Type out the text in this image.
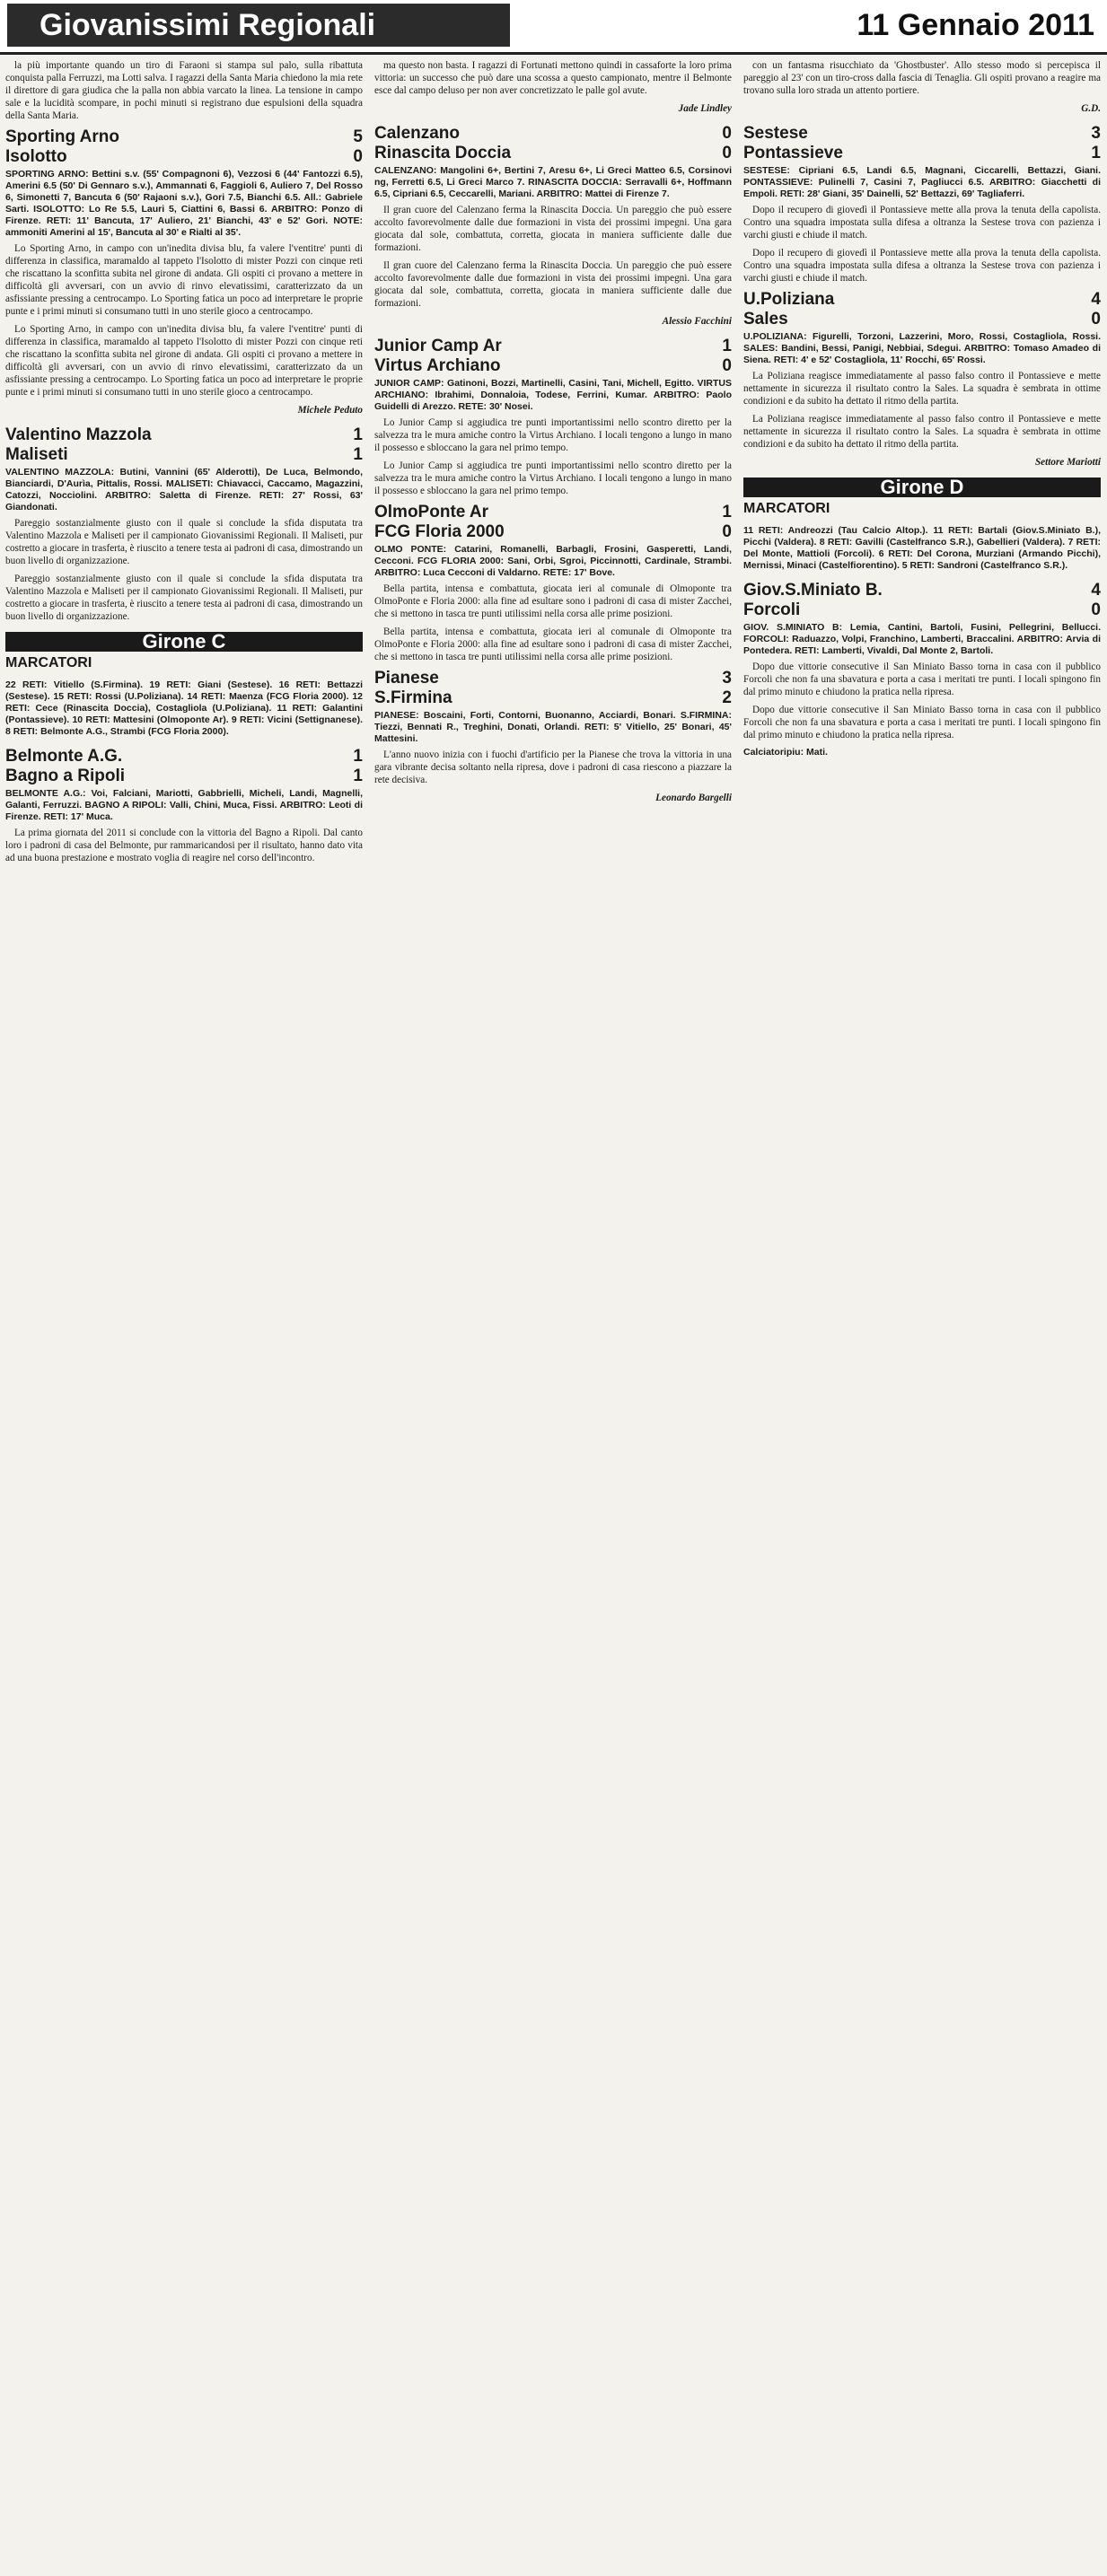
Giovanissimi Regionali	11 Gennaio 2011

la più importante quando un tiro di Faraoni si stampa sul palo, sulla ribattuta conquista palla Ferruzzi, ma Lotti salva. I ragazzi della Santa Maria chiedono la mia rete il direttore di gara giudica che la palla non abbia varcato la linea. La tensione in campo sale e la lucidità scompare, in pochi minuti si registrano due espulsioni della squadra della Santa Maria.

Sporting Arno	5
Isolotto	0

SPORTING ARNO: Bettini s.v. (55' Compagnoni 6), Vezzosi 6 (44' Fantozzi 6.5), Amerini 6.5 (50' Di Gennaro s.v.), Ammannati 6, Faggioli 6, Auliero 7, Del Rosso 6, Simonetti 7, Bancuta 6 (50' Rajaoni s.v.), Gori 7.5, Bianchi 6.5. All.: Gabriele Sarti. ISOLOTTO: Lo Re 5.5, Lauri 5, Ciattini 6, Bassi 6. ARBITRO: Ponzo di Firenze. RETI: 11' Bancuta, 17' Auliero, 21' Bianchi, 43' e 52' Gori. NOTE: ammoniti Amerini al 15', Bancuta al 30' e Rialti al 35'.

Lo Sporting Arno, in campo con un'inedita divisa blu, fa valere l'ventitre' punti di differenza in classifica, maramaldo al tappeto l'Isolotto di mister Pozzi con cinque reti che riscattano la sconfitta subita nel girone di andata. Gli ospiti ci provano a mettere in difficoltà gli avversari, con un avvio di rinvo elevatissimi, caratterizzato da un asfissiante pressing a centrocampo. Lo Sporting fatica un poco ad interpretare le proprie punte e i primi minuti si consumano tutti in uno sterile gioco a centrocampo.

Lo Sporting Arno, in campo con un'inedita divisa blu, fa valere l'ventitre' punti di differenza in classifica, maramaldo al tappeto l'Isolotto di mister Pozzi con cinque reti che riscattano la sconfitta subita nel girone di andata. Gli ospiti ci provano a mettere in difficoltà gli avversari, con un avvio di rinvo elevatissimi, caratterizzato da un asfissiante pressing a centrocampo. Lo Sporting fatica un poco ad interpretare le proprie punte e i primi minuti si consumano tutti in uno sterile gioco a centrocampo.

Michele Peduto
Valentino Mazzola	1
Maliseti	1

VALENTINO MAZZOLA: Butini, Vannini (65' Alderotti), De Luca, Belmondo, Bianciardi, D'Aurìa, Pittalis, Rossi. MALISETI: Chiavacci, Caccamo, Magazzini, Catozzi, Nocciolini. ARBITRO: Saletta di Firenze. RETI: 27' Rossi, 63' Giandonati.

Pareggio sostanzialmente giusto con il quale si conclude la sfida disputata tra Valentino Mazzola e Maliseti per il campionato Giovanissimi Regionali. Il Maliseti, pur costretto a giocare in trasferta, è riuscito a tenere testa ai padroni di casa, dimostrando un buon livello di organizzazione.

Pareggio sostanzialmente giusto con il quale si conclude la sfida disputata tra Valentino Mazzola e Maliseti per il campionato Giovanissimi Regionali. Il Maliseti, pur costretto a giocare in trasferta, è riuscito a tenere testa ai padroni di casa, dimostrando un buon livello di organizzazione.

Girone C
MARCATORI

22 RETI: Vitiello (S.Firmina). 19 RETI: Giani (Sestese). 16 RETI: Bettazzi (Sestese). 15 RETI: Rossi (U.Poliziana). 14 RETI: Maenza (FCG Floria 2000). 12 RETI: Cece (Rinascita Doccia), Costagliola (U.Poliziana). 11 RETI: Galantini (Pontassieve). 10 RETI: Mattesini (Olmoponte Ar). 9 RETI: Vicini (Settignanese). 8 RETI: Belmonte A.G., Strambi (FCG Floria 2000).

Belmonte A.G.	1
Bagno a Ripoli	1

BELMONTE A.G.: Voi, Falciani, Mariotti, Gabbrielli, Micheli, Landi, Magnelli, Galanti, Ferruzzi. BAGNO A RIPOLI: Valli, Chini, Muca, Fissi. ARBITRO: Leoti di Firenze. RETI: 17' Muca.

La prima giornata del 2011 si conclude con la vittoria del Bagno a Ripoli. Dal canto loro i padroni di casa del Belmonte, pur rammaricandosi per il risultato, hanno dato vita ad una buona prestazione e mostrato voglia di reagire nel corso dell'incontro.

ma questo non basta. I ragazzi di Fortunati mettono quindi in cassaforte la loro prima vittoria: un successo che può dare una scossa a questo campionato, mentre il Belmonte esce dal campo deluso per non aver concretizzato le palle gol avute.

Jade Lindley
Calenzano	0
Rinascita Doccia	0

CALENZANO: Mangolini 6+, Bertini 7, Aresu 6+, Li Greci Matteo 6.5, Corsinovi ng, Ferretti 6.5, Li Greci Marco 7. RINASCITA DOCCIA: Serravalli 6+, Hoffmann 6.5, Cipriani 6.5, Ceccarelli, Mariani. ARBITRO: Mattei di Firenze 7.

Il gran cuore del Calenzano ferma la Rinascita Doccia. Un pareggio che può essere accolto favorevolmente dalle due formazioni in vista dei prossimi impegni. Una gara giocata dal sole, combattuta, corretta, giocata in maniera sufficiente dalle due formazioni.

Il gran cuore del Calenzano ferma la Rinascita Doccia. Un pareggio che può essere accolto favorevolmente dalle due formazioni in vista dei prossimi impegni. Una gara giocata dal sole, combattuta, corretta, giocata in maniera sufficiente dalle due formazioni.

Alessio Facchini
Junior Camp Ar	1
Virtus Archiano	0

JUNIOR CAMP: Gatinoni, Bozzi, Martinelli, Casini, Tani, Michell, Egitto. VIRTUS ARCHIANO: Ibrahimi, Donnaloia, Todese, Ferrini, Kumar. ARBITRO: Paolo Guidelli di Arezzo. RETE: 30' Nosei.

Lo Junior Camp si aggiudica tre punti importantissimi nello scontro diretto per la salvezza tra le mura amiche contro la Virtus Archiano. I locali tengono a lungo in mano il possesso e sbloccano la gara nel primo tempo.

Lo Junior Camp si aggiudica tre punti importantissimi nello scontro diretto per la salvezza tra le mura amiche contro la Virtus Archiano. I locali tengono a lungo in mano il possesso e sbloccano la gara nel primo tempo.

OlmoPonte Ar	1
FCG Floria 2000	0

OLMO PONTE: Catarini, Romanelli, Barbagli, Frosini, Gasperetti, Landi, Cecconi. FCG FLORIA 2000: Sani, Orbi, Sgroi, Piccinnotti, Cardinale, Strambi. ARBITRO: Luca Cecconi di Valdarno. RETE: 17' Bove.

Bella partita, intensa e combattuta, giocata ieri al comunale di Olmoponte tra OlmoPonte e Floria 2000: alla fine ad esultare sono i padroni di casa di mister Zacchei, che si mettono in tasca tre punti utilissimi nella corsa alle prime posizioni.

Bella partita, intensa e combattuta, giocata ieri al comunale di Olmoponte tra OlmoPonte e Floria 2000: alla fine ad esultare sono i padroni di casa di mister Zacchei, che si mettono in tasca tre punti utilissimi nella corsa alle prime posizioni.

Pianese	3
S.Firmina	2

PIANESE: Boscaini, Forti, Contorni, Buonanno, Acciardi, Bonari. S.FIRMINA: Tiezzi, Bennati R., Treghini, Donati, Orlandi. RETI: 5' Vitiello, 25' Bonari, 45' Mattesini.

L'anno nuovo inizia con i fuochi d'artificio per la Pianese che trova la vittoria in una gara vibrante decisa soltanto nella ripresa, dove i padroni di casa riescono a piazzare la rete decisiva.

Leonardo Bargelli

con un fantasma risucchiato da 'Ghostbuster'. Allo stesso modo si percepisca il pareggio al 23' con un tiro-cross dalla fascia di Tenaglia. Gli ospiti provano a reagire ma trovano sulla loro strada un attento portiere.

G.D.
Sestese	3
Pontassieve	1

SESTESE: Cipriani 6.5, Landi 6.5, Magnani, Ciccarelli, Bettazzi, Giani. PONTASSIEVE: Pulinelli 7, Casini 7, Pagliucci 6.5. ARBITRO: Giacchetti di Empoli. RETI: 28' Giani, 35' Dainelli, 52' Bettazzi, 69' Tagliaferri.

Dopo il recupero di giovedì il Pontassieve mette alla prova la tenuta della capolista. Contro una squadra impostata sulla difesa a oltranza la Sestese trova con pazienza i varchi giusti e chiude il match.

Dopo il recupero di giovedì il Pontassieve mette alla prova la tenuta della capolista. Contro una squadra impostata sulla difesa a oltranza la Sestese trova con pazienza i varchi giusti e chiude il match.

U.Poliziana	4
Sales	0

U.POLIZIANA: Figurelli, Torzoni, Lazzerini, Moro, Rossi, Costagliola, Rossi. SALES: Bandini, Bessi, Panigi, Nebbiai, Sdegui. ARBITRO: Tomaso Amadeo di Siena. RETI: 4' e 52' Costagliola, 11' Rocchi, 65' Rossi.

La Poliziana reagisce immediatamente al passo falso contro il Pontassieve e mette nettamente in sicurezza il risultato contro la Sales. La squadra è sembrata in ottime condizioni e da subito ha dettato il ritmo della partita.

La Poliziana reagisce immediatamente al passo falso contro il Pontassieve e mette nettamente in sicurezza il risultato contro la Sales. La squadra è sembrata in ottime condizioni e da subito ha dettato il ritmo della partita.

Settore Mariotti
Girone D
MARCATORI

11 RETI: Andreozzi (Tau Calcio Altop.). 11 RETI: Bartali (Giov.S.Miniato B.), Picchi (Valdera). 8 RETI: Gavilli (Castelfranco S.R.), Gabellieri (Valdera). 7 RETI: Del Monte, Mattioli (Forcoli). 6 RETI: Del Corona, Murziani (Armando Picchi), Mernissi, Minaci (Castelfiorentino). 5 RETI: Sandroni (Castelfranco S.R.).

Giov.S.Miniato B.	4
Forcoli	0

GIOV. S.MINIATO B: Lemia, Cantini, Bartoli, Fusini, Pellegrini, Bellucci. FORCOLI: Raduazzo, Volpi, Franchino, Lamberti, Braccalini. ARBITRO: Arvia di Pontedera. RETI: Lamberti, Vivaldi, Dal Monte 2, Bartoli.

Dopo due vittorie consecutive il San Miniato Basso torna in casa con il pubblico Forcoli che non fa una sbavatura e porta a casa i meritati tre punti. I locali spingono fin dal primo minuto e chiudono la pratica nella ripresa.

Dopo due vittorie consecutive il San Miniato Basso torna in casa con il pubblico Forcoli che non fa una sbavatura e porta a casa i meritati tre punti. I locali spingono fin dal primo minuto e chiudono la pratica nella ripresa.

Calciatoripiu: Mati.
